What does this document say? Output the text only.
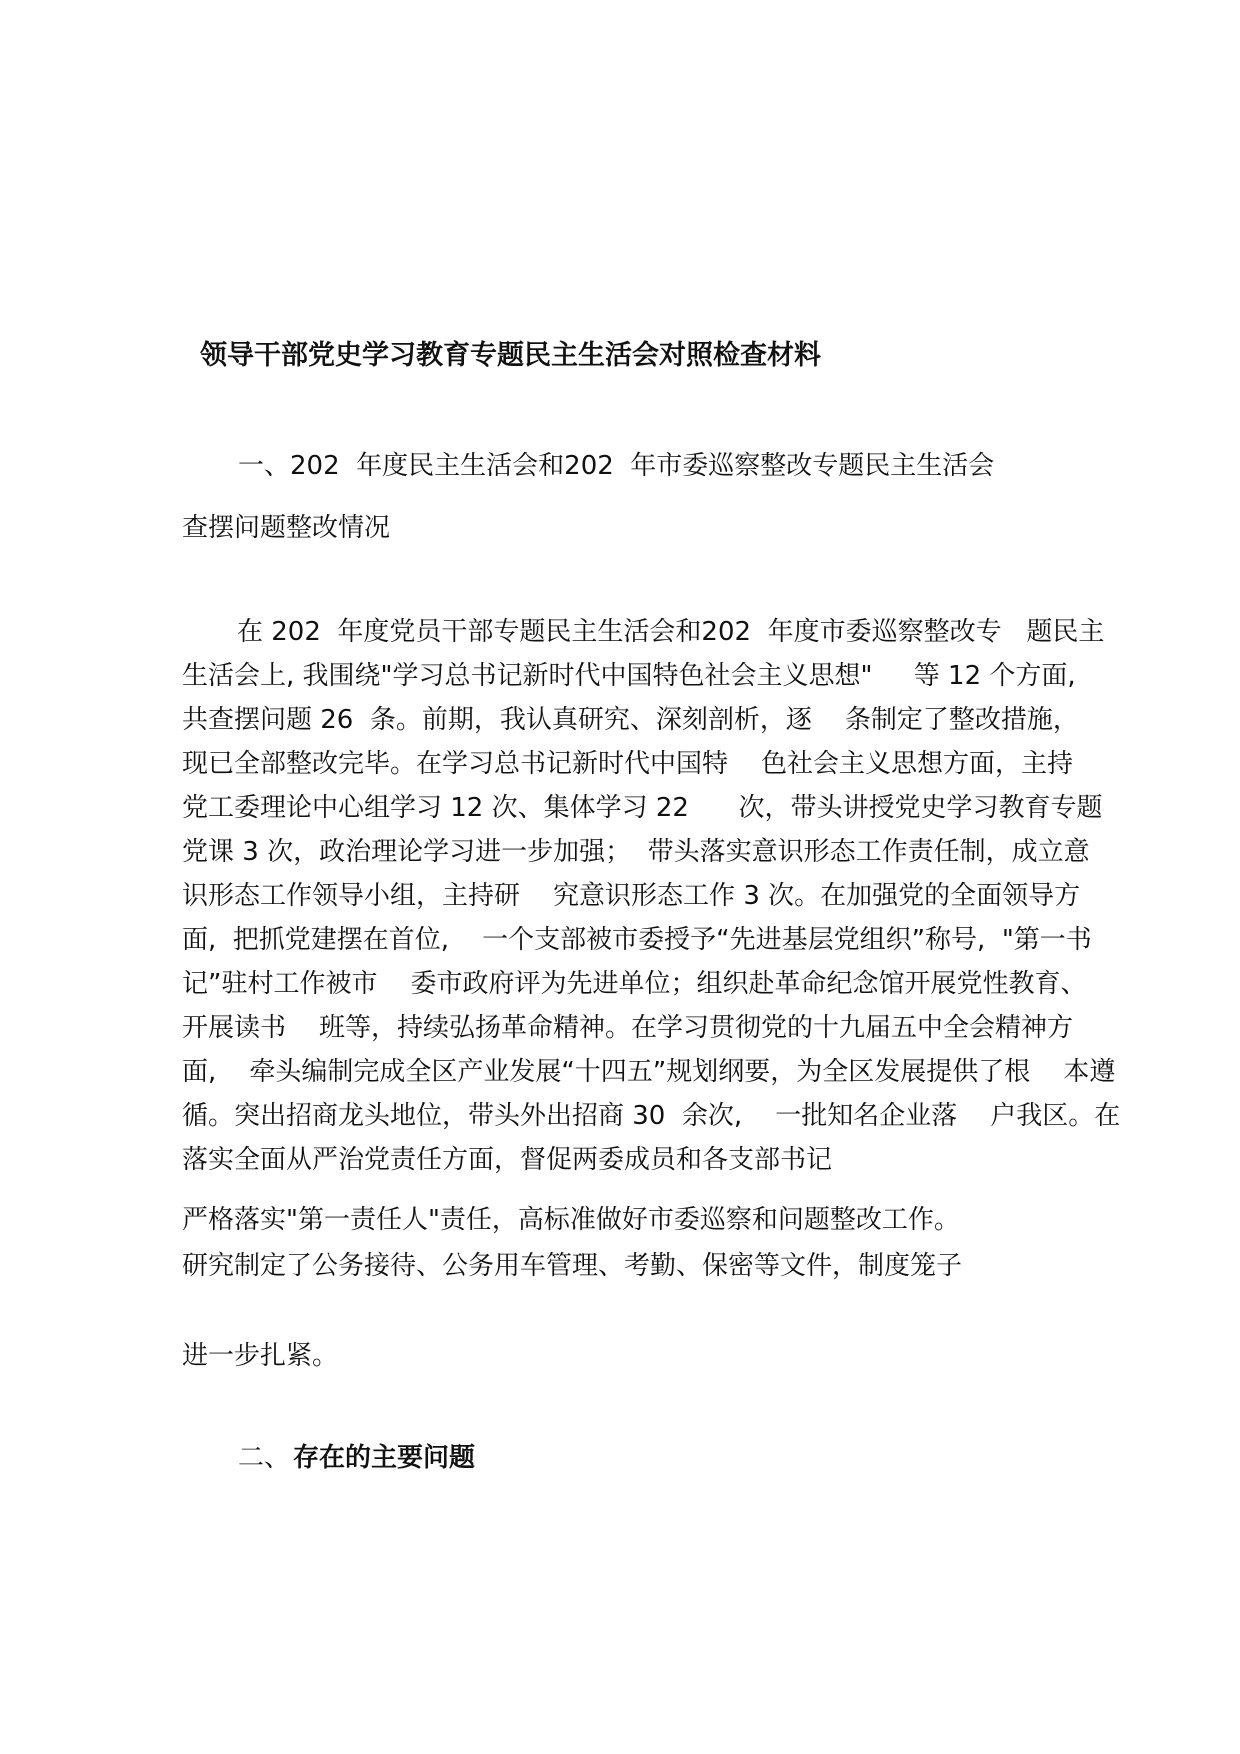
领导干部党史学习教育专题民主生活会对照检查材料
一、202  年度民主生活会和202  年市委巡察整改专题民主生活会
查摆问题整改情况
在 202  年度党员干部专题民主生活会和202  年度市委巡察整改专   题民主
生活会上, 我围绕"学习总书记新时代中国特色社会主义思想"     等 12 个方面,
共查摆问题 26  条。前期，我认真研究、深刻剖析，逐    条制定了整改措施，
现已全部整改完毕。在学习总书记新时代中国特    色社会主义思想方面，主持
党工委理论中心组学习 12 次、集体学习 22      次，带头讲授党史学习教育专题
党课 3 次，政治理论学习进一步加强；  带头落实意识形态工作责任制，成立意
识形态工作领导小组，主持研    究意识形态工作 3 次。在加强党的全面领导方
面,  把抓党建摆在首位,    一个支部被市委授予“先进基层党组织”称号,  "第一书
记”驻村工作被市    委市政府评为先进单位；组织赴革命纪念馆开展党性教育、
开展读书    班等，持续弘扬革命精神。在学习贯彻党的十九届五中全会精神方
面,    牵头编制完成全区产业发展“十四五”规划纲要，为全区发展提供了根    本遵
循。突出招商龙头地位，带头外出招商 30  余次,    一批知名企业落    户我区。在
落实全面从严治党责任方面，督促两委成员和各支部书记
严格落实"第一责任人"责任，高标准做好市委巡察和问题整改工作。
研究制定了公务接待、公务用车管理、考勤、保密等文件，制度笼子
进一步扎紧。
二、 存在的主要问题
